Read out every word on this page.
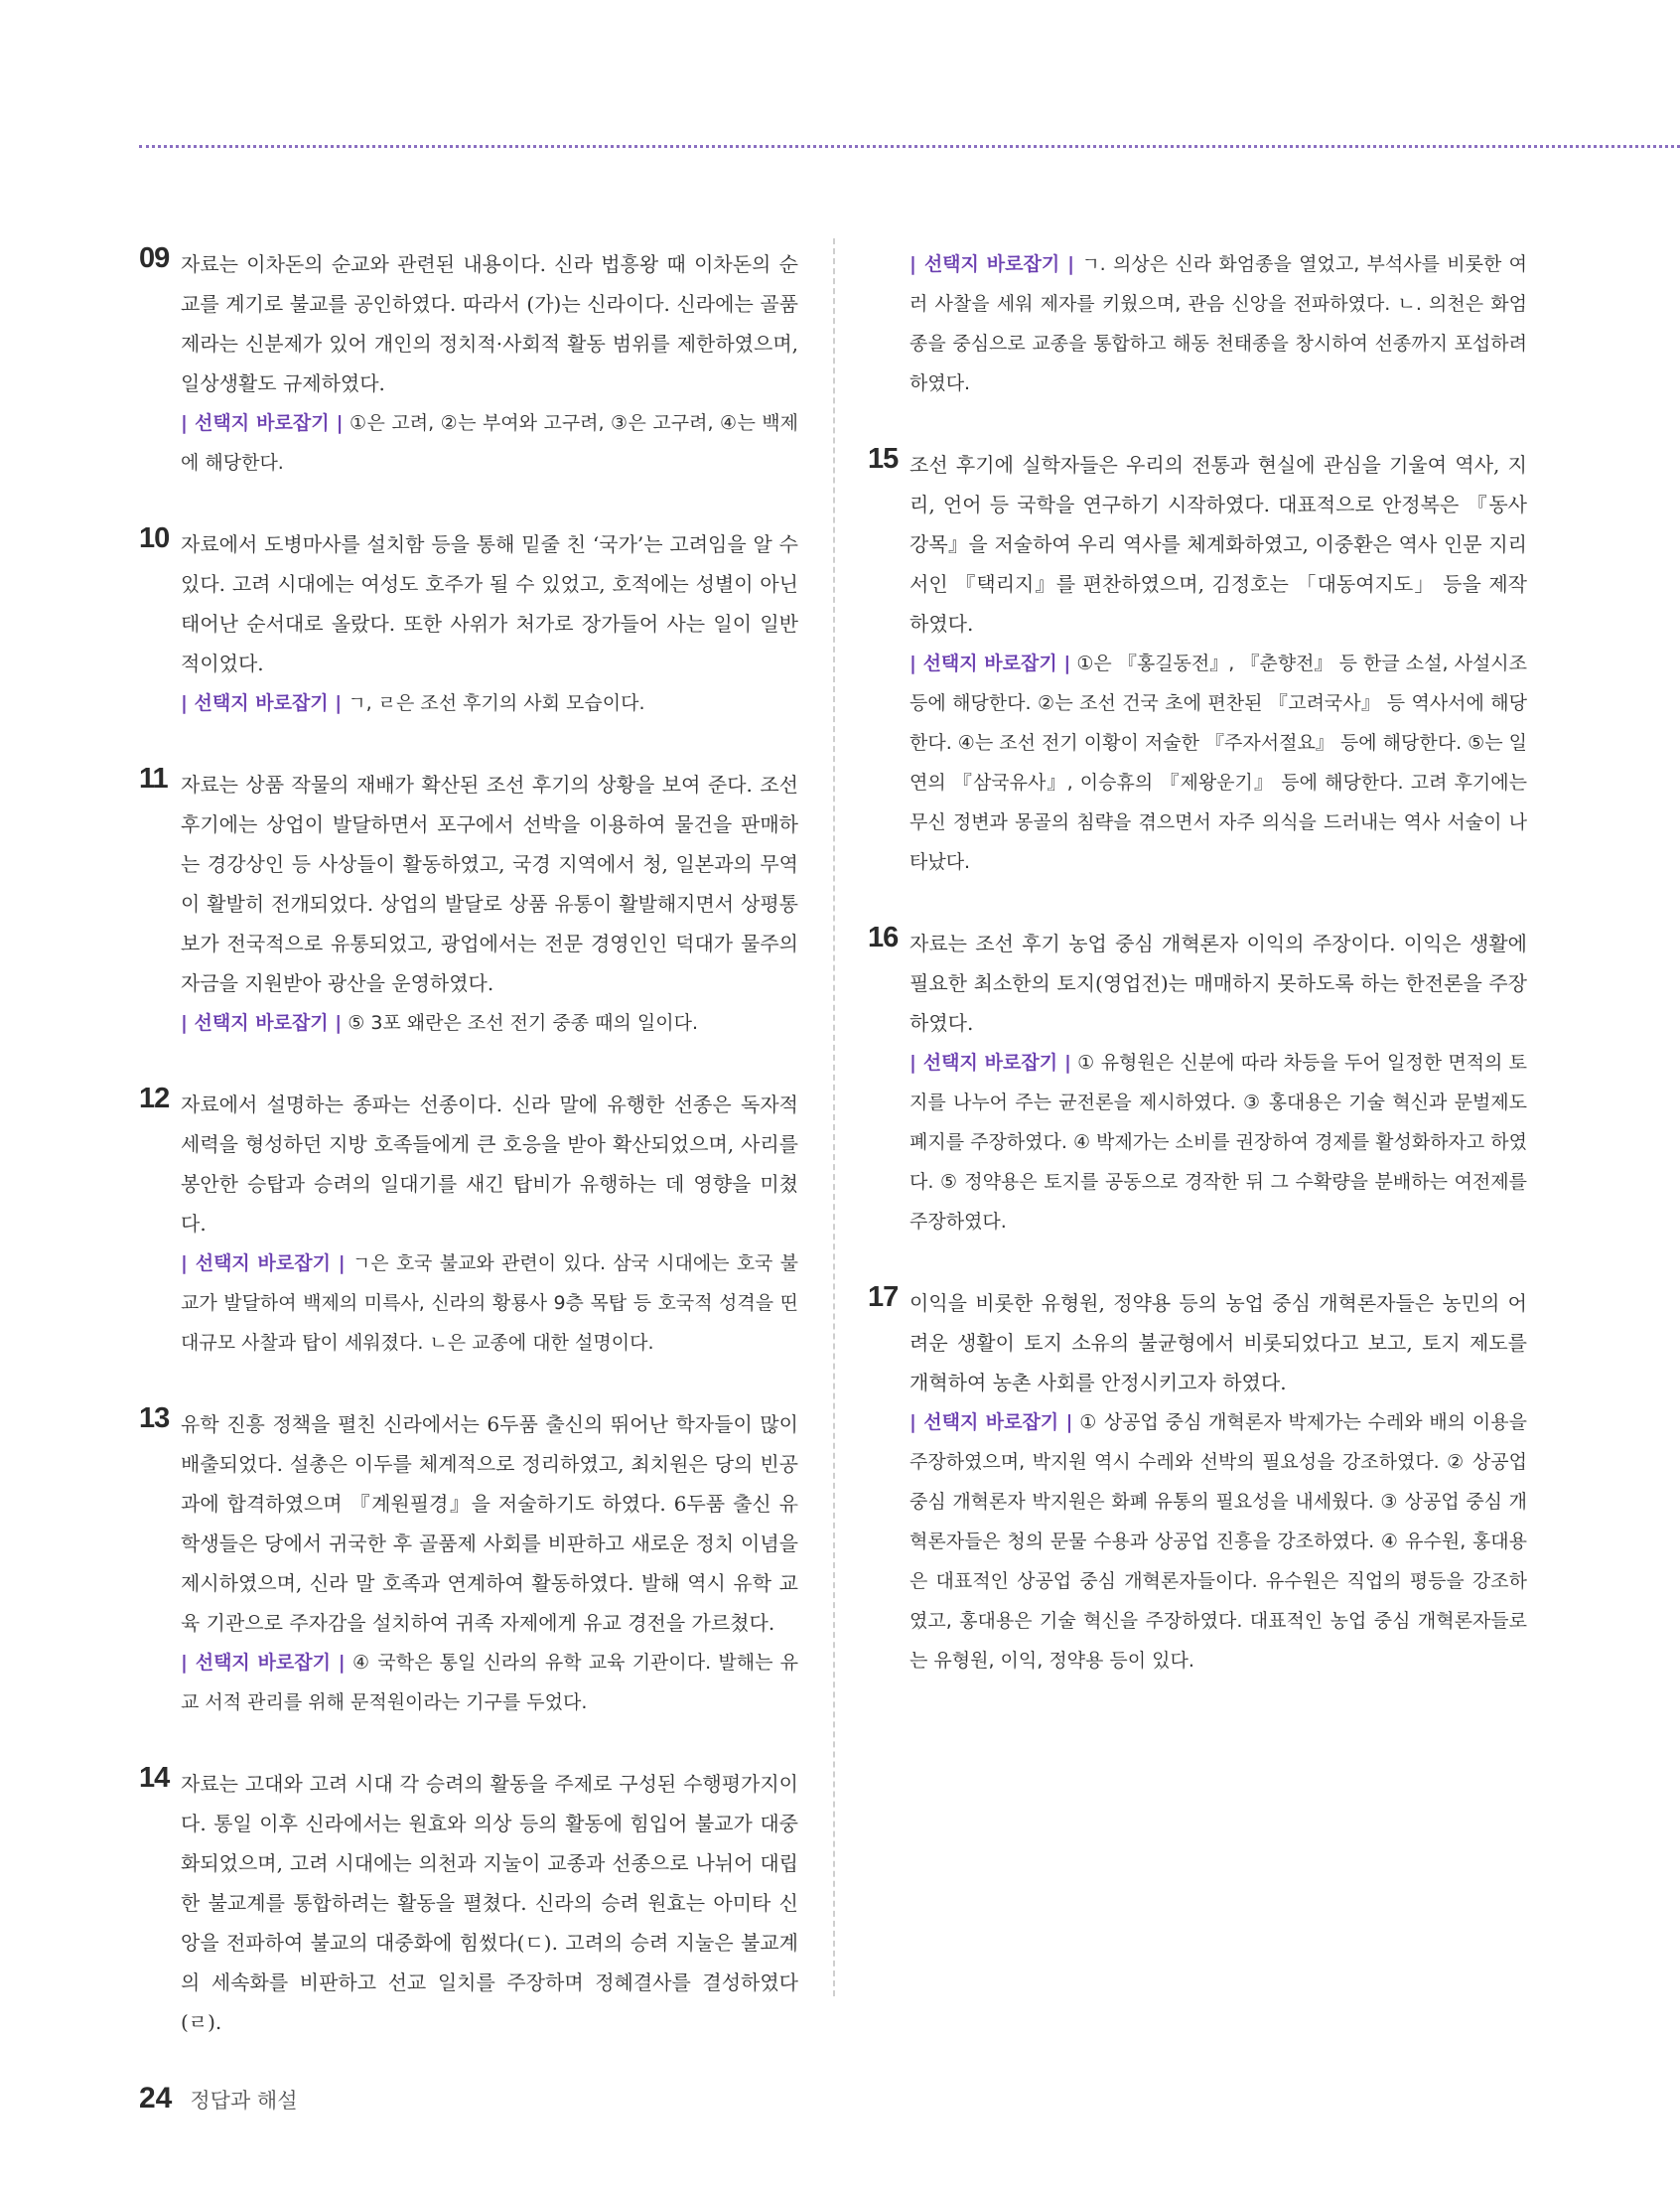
09 자료는 이차돈의 순교와 관련된 내용이다. 신라 법흥왕 때 이차돈의 순교를 계기로 불교를 공인하였다. 따라서 (가)는 신라이다. 신라에는 골품제라는 신분제가 있어 개인의 정치적·사회적 활동 범위를 제한하였으며, 일상생활도 규제하였다.

| 선택지 바로잡기 | ①은 고려, ②는 부여와 고구려, ③은 고구려, ④는 백제에 해당한다.

10 자료에서 도병마사를 설치함 등을 통해 밑줄 친 ‘국가’는 고려임을 알 수 있다. 고려 시대에는 여성도 호주가 될 수 있었고, 호적에는 성별이 아닌 태어난 순서대로 올랐다. 또한 사위가 처가로 장가들어 사는 일이 일반적이었다.

| 선택지 바로잡기 | ㄱ, ㄹ은 조선 후기의 사회 모습이다.

11 자료는 상품 작물의 재배가 확산된 조선 후기의 상황을 보여 준다. 조선 후기에는 상업이 발달하면서 포구에서 선박을 이용하여 물건을 판매하는 경강상인 등 사상들이 활동하였고, 국경 지역에서 청, 일본과의 무역이 활발히 전개되었다. 상업의 발달로 상품 유통이 활발해지면서 상평통보가 전국적으로 유통되었고, 광업에서는 전문 경영인인 덕대가 물주의 자금을 지원받아 광산을 운영하였다.

| 선택지 바로잡기 | ⑤ 3포 왜란은 조선 전기 중종 때의 일이다.

12 자료에서 설명하는 종파는 선종이다. 신라 말에 유행한 선종은 독자적 세력을 형성하던 지방 호족들에게 큰 호응을 받아 확산되었으며, 사리를 봉안한 승탑과 승려의 일대기를 새긴 탑비가 유행하는 데 영향을 미쳤다.

| 선택지 바로잡기 | ㄱ은 호국 불교와 관련이 있다. 삼국 시대에는 호국 불교가 발달하여 백제의 미륵사, 신라의 황룡사 9층 목탑 등 호국적 성격을 띤 대규모 사찰과 탑이 세워졌다. ㄴ은 교종에 대한 설명이다.

13 유학 진흥 정책을 펼친 신라에서는 6두품 출신의 뛰어난 학자들이 많이 배출되었다. 설총은 이두를 체계적으로 정리하였고, 최치원은 당의 빈공과에 합격하였으며 『계원필경』을 저술하기도 하였다. 6두품 출신 유학생들은 당에서 귀국한 후 골품제 사회를 비판하고 새로운 정치 이념을 제시하였으며, 신라 말 호족과 연계하여 활동하였다. 발해 역시 유학 교육 기관으로 주자감을 설치하여 귀족 자제에게 유교 경전을 가르쳤다.

| 선택지 바로잡기 | ④ 국학은 통일 신라의 유학 교육 기관이다. 발해는 유교 서적 관리를 위해 문적원이라는 기구를 두었다.

14 자료는 고대와 고려 시대 각 승려의 활동을 주제로 구성된 수행평가지이다. 통일 이후 신라에서는 원효와 의상 등의 활동에 힘입어 불교가 대중화되었으며, 고려 시대에는 의천과 지눌이 교종과 선종으로 나뉘어 대립한 불교계를 통합하려는 활동을 펼쳤다. 신라의 승려 원효는 아미타 신앙을 전파하여 불교의 대중화에 힘썼다(ㄷ). 고려의 승려 지눌은 불교계의 세속화를 비판하고 선교 일치를 주장하며 정혜결사를 결성하였다(ㄹ).

| 선택지 바로잡기 | ㄱ. 의상은 신라 화엄종을 열었고, 부석사를 비롯한 여러 사찰을 세워 제자를 키웠으며, 관음 신앙을 전파하였다. ㄴ. 의천은 화엄종을 중심으로 교종을 통합하고 해동 천태종을 창시하여 선종까지 포섭하려 하였다.

15 조선 후기에 실학자들은 우리의 전통과 현실에 관심을 기울여 역사, 지리, 언어 등 국학을 연구하기 시작하였다. 대표적으로 안정복은 『동사강목』을 저술하여 우리 역사를 체계화하였고, 이중환은 역사 인문 지리서인 『택리지』를 편찬하였으며, 김정호는 「대동여지도」 등을 제작하였다.

| 선택지 바로잡기 | ①은 『홍길동전』, 『춘향전』 등 한글 소설, 사설시조 등에 해당한다. ②는 조선 건국 초에 편찬된 『고려국사』 등 역사서에 해당한다. ④는 조선 전기 이황이 저술한 『주자서절요』 등에 해당한다. ⑤는 일연의 『삼국유사』, 이승휴의 『제왕운기』 등에 해당한다. 고려 후기에는 무신 정변과 몽골의 침략을 겪으면서 자주 의식을 드러내는 역사 서술이 나타났다.

16 자료는 조선 후기 농업 중심 개혁론자 이익의 주장이다. 이익은 생활에 필요한 최소한의 토지(영업전)는 매매하지 못하도록 하는 한전론을 주장하였다.

| 선택지 바로잡기 | ① 유형원은 신분에 따라 차등을 두어 일정한 면적의 토지를 나누어 주는 균전론을 제시하였다. ③ 홍대용은 기술 혁신과 문벌제도 폐지를 주장하였다. ④ 박제가는 소비를 권장하여 경제를 활성화하자고 하였다. ⑤ 정약용은 토지를 공동으로 경작한 뒤 그 수확량을 분배하는 여전제를 주장하였다.

17 이익을 비롯한 유형원, 정약용 등의 농업 중심 개혁론자들은 농민의 어려운 생활이 토지 소유의 불균형에서 비롯되었다고 보고, 토지 제도를 개혁하여 농촌 사회를 안정시키고자 하였다.

| 선택지 바로잡기 | ① 상공업 중심 개혁론자 박제가는 수레와 배의 이용을 주장하였으며, 박지원 역시 수레와 선박의 필요성을 강조하였다. ② 상공업 중심 개혁론자 박지원은 화폐 유통의 필요성을 내세웠다. ③ 상공업 중심 개혁론자들은 청의 문물 수용과 상공업 진흥을 강조하였다. ④ 유수원, 홍대용은 대표적인 상공업 중심 개혁론자들이다. 유수원은 직업의 평등을 강조하였고, 홍대용은 기술 혁신을 주장하였다. 대표적인 농업 중심 개혁론자들로는 유형원, 이익, 정약용 등이 있다.

24 정답과 해설
